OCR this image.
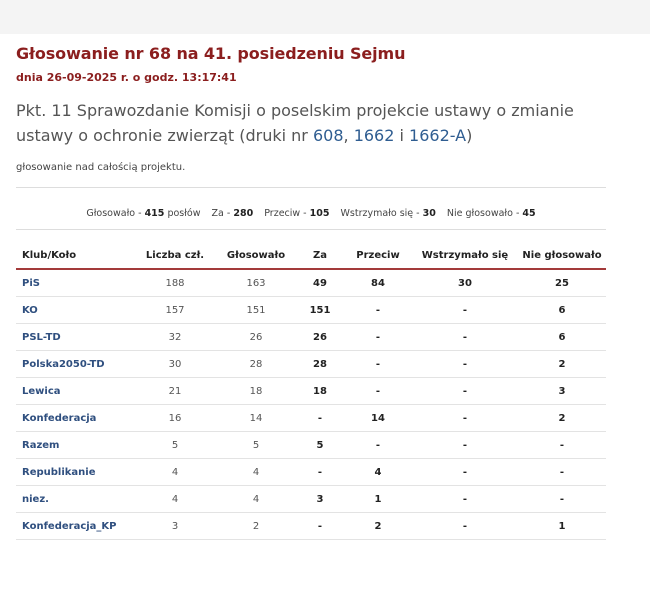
Głosowanie nr 68 na 41. posiedzeniu Sejmu
dnia 26-09-2025 r. o godz. 13:17:41
Pkt. 11 Sprawozdanie Komisji o poselskim projekcie ustawy o zmianie ustawy o ochronie zwierząt (druki nr 608, 1662 i 1662-A)
głosowanie nad całością projektu.
Głosowało - 415 posłów Za - 280 Przeciw - 105 Wstrzymało się - 30 Nie głosowało - 45
Klub/Koło	Liczba czł.	Głosowało	Za	Przeciw	Wstrzymało się	Nie głosowało
PiS	188	163	49	84	30	25
KO	157	151	151	-	-	6
PSL-TD	32	26	26	-	-	6
Polska2050-TD	30	28	28	-	-	2
Lewica	21	18	18	-	-	3
Konfederacja	16	14	-	14	-	2
Razem	5	5	5	-	-	-
Republikanie	4	4	-	4	-	-
niez.	4	4	3	1	-	-
Konfederacja_KP	3	2	-	2	-	1
